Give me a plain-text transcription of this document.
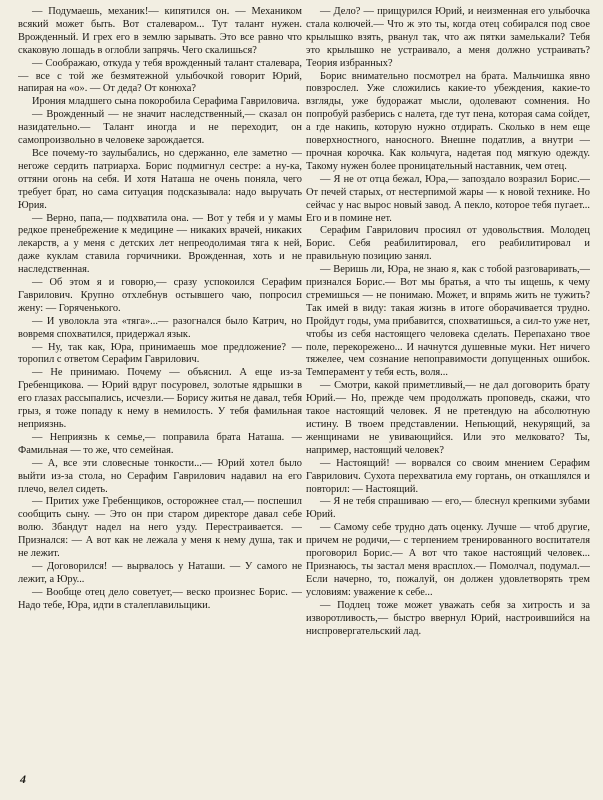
— Подумаешь, механик!— кипятился он. — Механиком всякий может быть. Вот сталеваром... Тут талант нужен. Врожденный. И грех его в землю зарывать. Это все равно что скаковую лошадь в оглобли запрячь. Чего скалишься?

— Соображаю, откуда у тебя врожденный талант сталевара,— все с той же безмятежной улыбочкой говорит Юрий, напирая на «о». — От деда? От конюха?

Ирония младшего сына покоробила Серафима Гавриловича.

— Врожденный — не значит наследственный,— сказал он назидательно.— Талант иногда и не переходит, он самопроизвольно в человеке зарождается.

Все почему-то заулыбались, но сдержанно, еле заметно — негоже сердить патриарха. Борис подмигнул сестре: а ну-ка, оттяни огонь на себя. И хотя Наташа не очень поняла, чего требует брат, но сама ситуация подсказывала: надо выручать Юрия.

— Верно, папа,— подхватила она. — Вот у тебя и у мамы редкое пренебрежение к медицине — никаких врачей, никаких лекарств, а у меня с детских лет непреодолимая тяга к ней, даже куклам ставила горчичники. Врожденная, хоть и не наследственная.

— Об этом я и говорю,— сразу успокоился Серафим Гаврилович. Крупно отхлебнув остывшего чаю, попросил жену: — Горяченького.

— И уволокла эта «тяга»...— разогнался было Катрич, но вовремя спохватился, придержал язык.

— Ну, так как, Юра, принимаешь мое предложение? — торопил с ответом Серафим Гаврилович.

— Не принимаю. Почему — объяснил. А еще из-за Гребенщикова. — Юрий вдруг посуровел, золотые ядрышки в его глазах рассыпались, исчезли.— Борису житья не давал, тебя грыз, я тоже попаду к нему в немилость. У тебя фамильная неприязнь.

— Неприязнь к семье,— поправила брата Наташа. — Фамильная — то же, что семейная.

— А, все эти словесные тонкости...— Юрий хотел было выйти из-за стола, но Серафим Гаврилович надавил на его плечо, велел сидеть.

— Притих уже Гребенщиков, осторожнее стал,— поспешил сообщить сыну. — Это он при старом директоре давал себе волю. Збандут надел на него узду. Перестраивается. — Признался: — А вот как не лежала у меня к нему душа, так и не лежит.

— Договорился! — вырвалось у Наташи. — У самого не лежит, а Юру...

— Вообще отец дело советует,— веско произнес Борис. — Надо тебе, Юра, идти в сталеплавильщики.

— Дело? — прищурился Юрий, и неизменная его улыбочка стала колючей.— Что ж это ты, когда отец собирался под свое крылышко взять, рванул так, что аж пятки замелькали? Тебя это крылышко не устраивало, а меня должно устраивать? Теория избранных?

Борис внимательно посмотрел на брата. Мальчишка явно повзрослел. Уже сложились какие-то убеждения, какие-то взгляды, уже будоражат мысли, одолевают сомнения. Но попробуй разберись с налета, где тут пена, которая сама сойдет, а где накипь, которую нужно отдирать. Сколько в нем еще поверхностного, наносного. Внешне податлив, а внутри — прочная корочка. Как кольчуга, надетая под мягкую одежду. Такому нужен более проницательный наставник, чем отец.

— Я не от отца бежал, Юра,— запоздало возразил Борис.— От печей старых, от нестерпимой жары — к новой технике. Но сейчас у нас вырос новый завод. А пекло, которое тебя пугает... Его и в помине нет.

Серафим Гаврилович просиял от удовольствия. Молодец Борис. Себя реабилитировал, его реабилитировал и правильную позицию занял.

— Веришь ли, Юра, не знаю я, как с тобой разговаривать,— признался Борис.— Вот мы братья, а что ты ищешь, к чему стремишься — не понимаю. Может, и впрямь жить не тужить? Так имей в виду: такая жизнь в итоге оборачивается трудно. Пройдут годы, ума прибавится, спохватишься, а сил-то уже нет, чтобы из себя настоящего человека сделать. Перепахано твое поле, перекорежено... И начнутся душевные муки. Нет ничего тяжелее, чем сознание непоправимости допущенных ошибок. Темперамент у тебя есть, воля...

— Смотри, какой приметливый,— не дал договорить брату Юрий.— Но, прежде чем продолжать проповедь, скажи, что такое настоящий человек. Я не претендую на абсолютную истину. В твоем представлении. Непьющий, некурящий, за женщинами не увивающийся. Или это мелковато? Ты, например, настоящий человек?

— Настоящий! — ворвался со своим мнением Серафим Гаврилович. Сухота перехватила ему гортань, он откашлялся и повторил: — Настоящий.

— Я не тебя спрашиваю — его,— блеснул крепкими зубами Юрий.

— Самому себе трудно дать оценку. Лучше — чтоб другие, причем не родичи,— с терпением тренированного воспитателя проговорил Борис.— А вот что такое настоящий человек... Признаюсь, ты застал меня врасплох.— Помолчал, подумал.— Если начерно, то, пожалуй, он должен удовлетворять трем условиям: уважение к себе...

— Подлец тоже может уважать себя за хитрость и за изворотливость,— быстро ввернул Юрий, настроившийся на ниспровергательский лад.

4
